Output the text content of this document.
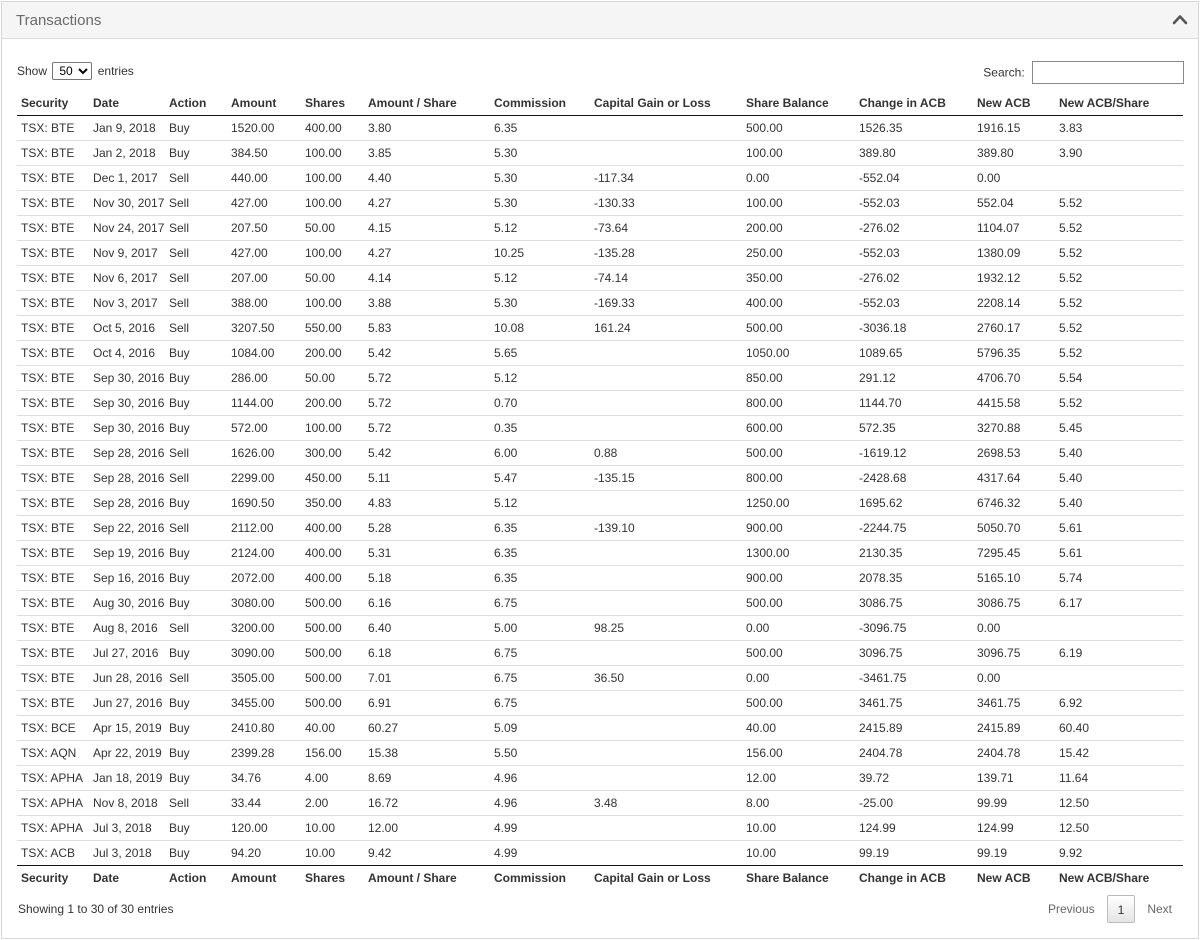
Transactions
Show
50	entries	Search:
Security	Date	Action	Amount	Shares	Amount / Share	Commission	Capital Gain or Loss	Share Balance	Change in ACB	New ACB	New ACB/Share
TSX: BTE	Jan 9, 2018	Buy	1520.00	400.00	3.80	6.35		500.00	1526.35	1916.15	3.83
TSX: BTE	Jan 2, 2018	Buy	384.50	100.00	3.85	5.30		100.00	389.80	389.80	3.90
TSX: BTE	Dec 1, 2017	Sell	440.00	100.00	4.40	5.30	-117.34	0.00	-552.04	0.00	
TSX: BTE	Nov 30, 2017	Sell	427.00	100.00	4.27	5.30	-130.33	100.00	-552.03	552.04	5.52
TSX: BTE	Nov 24, 2017	Sell	207.50	50.00	4.15	5.12	-73.64	200.00	-276.02	1104.07	5.52
TSX: BTE	Nov 9, 2017	Sell	427.00	100.00	4.27	10.25	-135.28	250.00	-552.03	1380.09	5.52
TSX: BTE	Nov 6, 2017	Sell	207.00	50.00	4.14	5.12	-74.14	350.00	-276.02	1932.12	5.52
TSX: BTE	Nov 3, 2017	Sell	388.00	100.00	3.88	5.30	-169.33	400.00	-552.03	2208.14	5.52
TSX: BTE	Oct 5, 2016	Sell	3207.50	550.00	5.83	10.08	161.24	500.00	-3036.18	2760.17	5.52
TSX: BTE	Oct 4, 2016	Buy	1084.00	200.00	5.42	5.65		1050.00	1089.65	5796.35	5.52
TSX: BTE	Sep 30, 2016	Buy	286.00	50.00	5.72	5.12		850.00	291.12	4706.70	5.54
TSX: BTE	Sep 30, 2016	Buy	1144.00	200.00	5.72	0.70		800.00	1144.70	4415.58	5.52
TSX: BTE	Sep 30, 2016	Buy	572.00	100.00	5.72	0.35		600.00	572.35	3270.88	5.45
TSX: BTE	Sep 28, 2016	Sell	1626.00	300.00	5.42	6.00	0.88	500.00	-1619.12	2698.53	5.40
TSX: BTE	Sep 28, 2016	Sell	2299.00	450.00	5.11	5.47	-135.15	800.00	-2428.68	4317.64	5.40
TSX: BTE	Sep 28, 2016	Buy	1690.50	350.00	4.83	5.12		1250.00	1695.62	6746.32	5.40
TSX: BTE	Sep 22, 2016	Sell	2112.00	400.00	5.28	6.35	-139.10	900.00	-2244.75	5050.70	5.61
TSX: BTE	Sep 19, 2016	Buy	2124.00	400.00	5.31	6.35		1300.00	2130.35	7295.45	5.61
TSX: BTE	Sep 16, 2016	Buy	2072.00	400.00	5.18	6.35		900.00	2078.35	5165.10	5.74
TSX: BTE	Aug 30, 2016	Buy	3080.00	500.00	6.16	6.75		500.00	3086.75	3086.75	6.17
TSX: BTE	Aug 8, 2016	Sell	3200.00	500.00	6.40	5.00	98.25	0.00	-3096.75	0.00	
TSX: BTE	Jul 27, 2016	Buy	3090.00	500.00	6.18	6.75		500.00	3096.75	3096.75	6.19
TSX: BTE	Jun 28, 2016	Sell	3505.00	500.00	7.01	6.75	36.50	0.00	-3461.75	0.00	
TSX: BTE	Jun 27, 2016	Buy	3455.00	500.00	6.91	6.75		500.00	3461.75	3461.75	6.92
TSX: BCE	Apr 15, 2019	Buy	2410.80	40.00	60.27	5.09		40.00	2415.89	2415.89	60.40
TSX: AQN	Apr 22, 2019	Buy	2399.28	156.00	15.38	5.50		156.00	2404.78	2404.78	15.42
TSX: APHA	Jan 18, 2019	Buy	34.76	4.00	8.69	4.96		12.00	39.72	139.71	11.64
TSX: APHA	Nov 8, 2018	Sell	33.44	2.00	16.72	4.96	3.48	8.00	-25.00	99.99	12.50
TSX: APHA	Jul 3, 2018	Buy	120.00	10.00	12.00	4.99		10.00	124.99	124.99	12.50
TSX: ACB	Jul 3, 2018	Buy	94.20	10.00	9.42	4.99		10.00	99.19	99.19	9.92
Security	Date	Action	Amount	Shares	Amount / Share	Commission	Capital Gain or Loss	Share Balance	Change in ACB	New ACB	New ACB/Share
Showing 1 to 30 of 30 entries	Previous 1 Next
